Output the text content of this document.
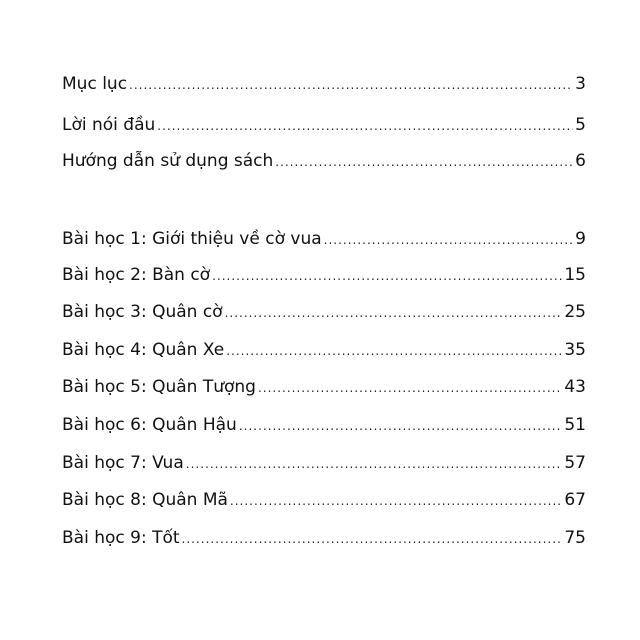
Mục lục .....	3
Lời nói đầu .....	5
Hướng dẫn sử dụng sách .....	6
Bài học 1: Giới thiệu về cờ vua .....	9
Bài học 2: Bàn cờ .....	15
Bài học 3: Quân cờ .....	25
Bài học 4: Quân Xe .....	35
Bài học 5: Quân Tượng .....	43
Bài học 6: Quân Hậu .....	51
Bài học 7: Vua .....	57
Bài học 8: Quân Mã .....	67
Bài học 9: Tốt .....	75
